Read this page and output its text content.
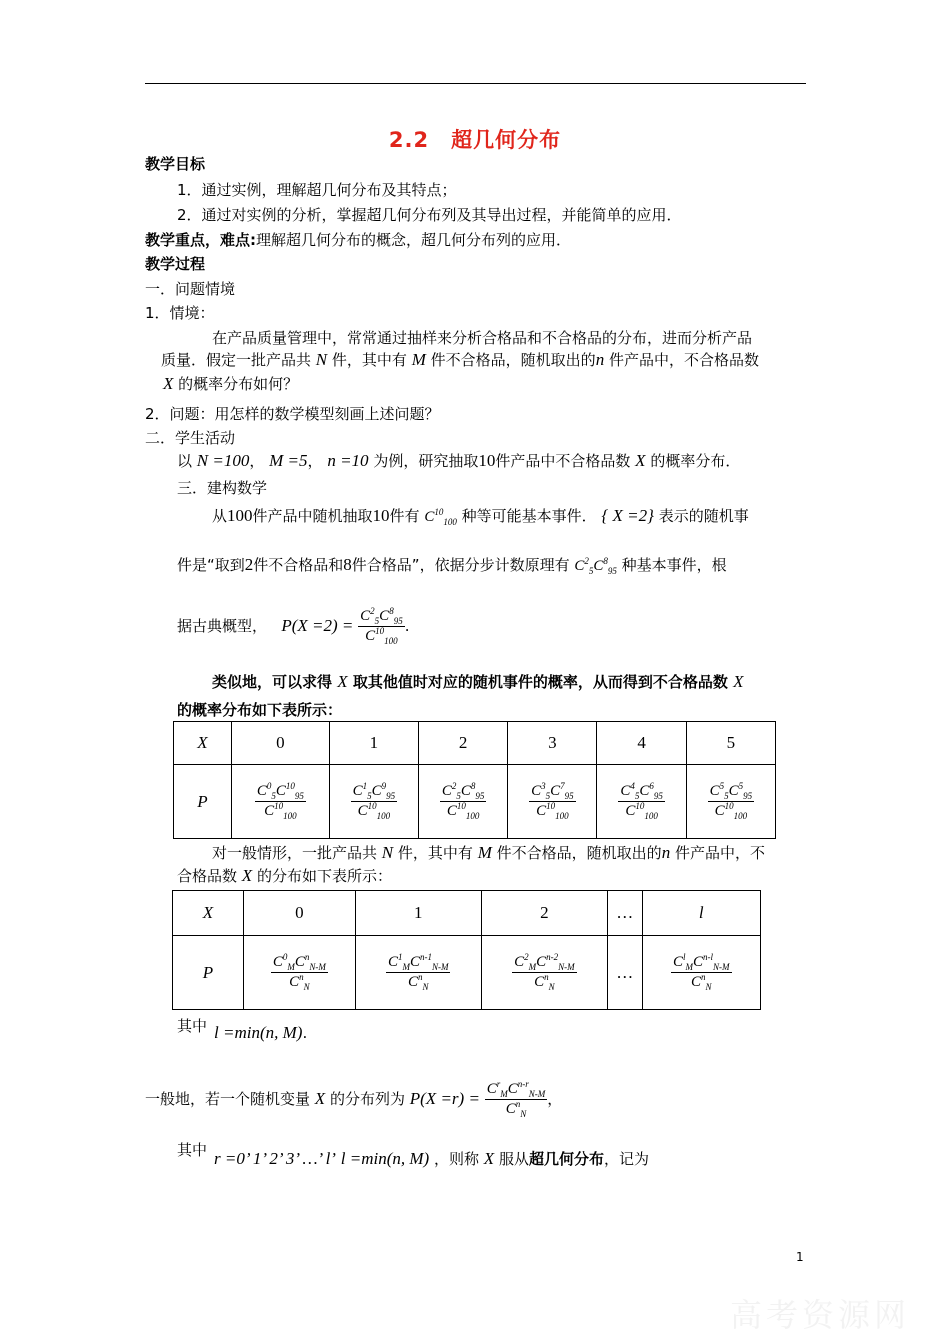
2.2　超几何分布
教学目标
1．通过实例，理解超几何分布及其特点；
2．通过对实例的分析，掌握超几何分布列及其导出过程，并能简单的应用．
教学重点，难点:理解超几何分布的概念，超几何分布列的应用．
教学过程
一．问题情境
1．情境：
在产品质量管理中，常常通过抽样来分析合格品和不合格品的分布，进而分析产品
质量．假定一批产品共 N 件，其中有 M 件不合格品，随机取出的n 件产品中，不合格品数
X 的概率分布如何？
2．问题：用怎样的数学模型刻画上述问题？
二．学生活动
以 N =100， M =5， n =10 为例，研究抽取10件产品中不合格品数 X 的概率分布．
三．建构数学
从100件产品中随机抽取10件有 $C^{10}_{100}$ 种等可能基本事件． { X =2} 表示的随机事
件是“取到2件不合格品和8件合格品”，依据分步计数原理有 $C^2_5C^8_{95}$ 种基本事件，根
据古典概型， $P(X =2) = \frac{C^2_5C^8_{95}}{C^{10}_{100}}$ .
类似地，可以求得 X 取其他值时对应的随机事件的概率，从而得到不合格品数 X
的概率分布如下表所示：
X	0	1	2	3	4	5
P	$\frac{C^0_5C^{10}_{95}}{C^{10}_{100}}$	$\frac{C^1_5C^9_{95}}{C^{10}_{100}}$	$\frac{C^2_5C^8_{95}}{C^{10}_{100}}$	$\frac{C^3_5C^7_{95}}{C^{10}_{100}}$	$\frac{C^4_5C^6_{95}}{C^{10}_{100}}$	$\frac{C^5_5C^5_{95}}{C^{10}_{100}}$
对一般情形，一批产品共 N 件，其中有 M 件不合格品，随机取出的n 件产品中，不
合格品数 X 的分布如下表所示：
X	0	1	2	…	l
P	$\frac{C^0_MC^n_{N-M}}{C^n_N}$	$\frac{C^1_MC^{n-1}_{N-M}}{C^n_N}$	$\frac{C^2_MC^{n-2}_{N-M}}{C^n_N}$	…	$\frac{C^l_MC^{n-l}_{N-M}}{C^n_N}$
其中 l =min(n, M).
一般地，若一个随机变量 X 的分布列为 $P(X =r) = \frac{C^r_MC^{n-r}_{N-M}}{C^n_N}$ ，
其中 r =0’ 1’ 2’ 3’ …’ l’ l =min(n, M) ，则称 X 服从超几何分布，记为
1
高考资源网
